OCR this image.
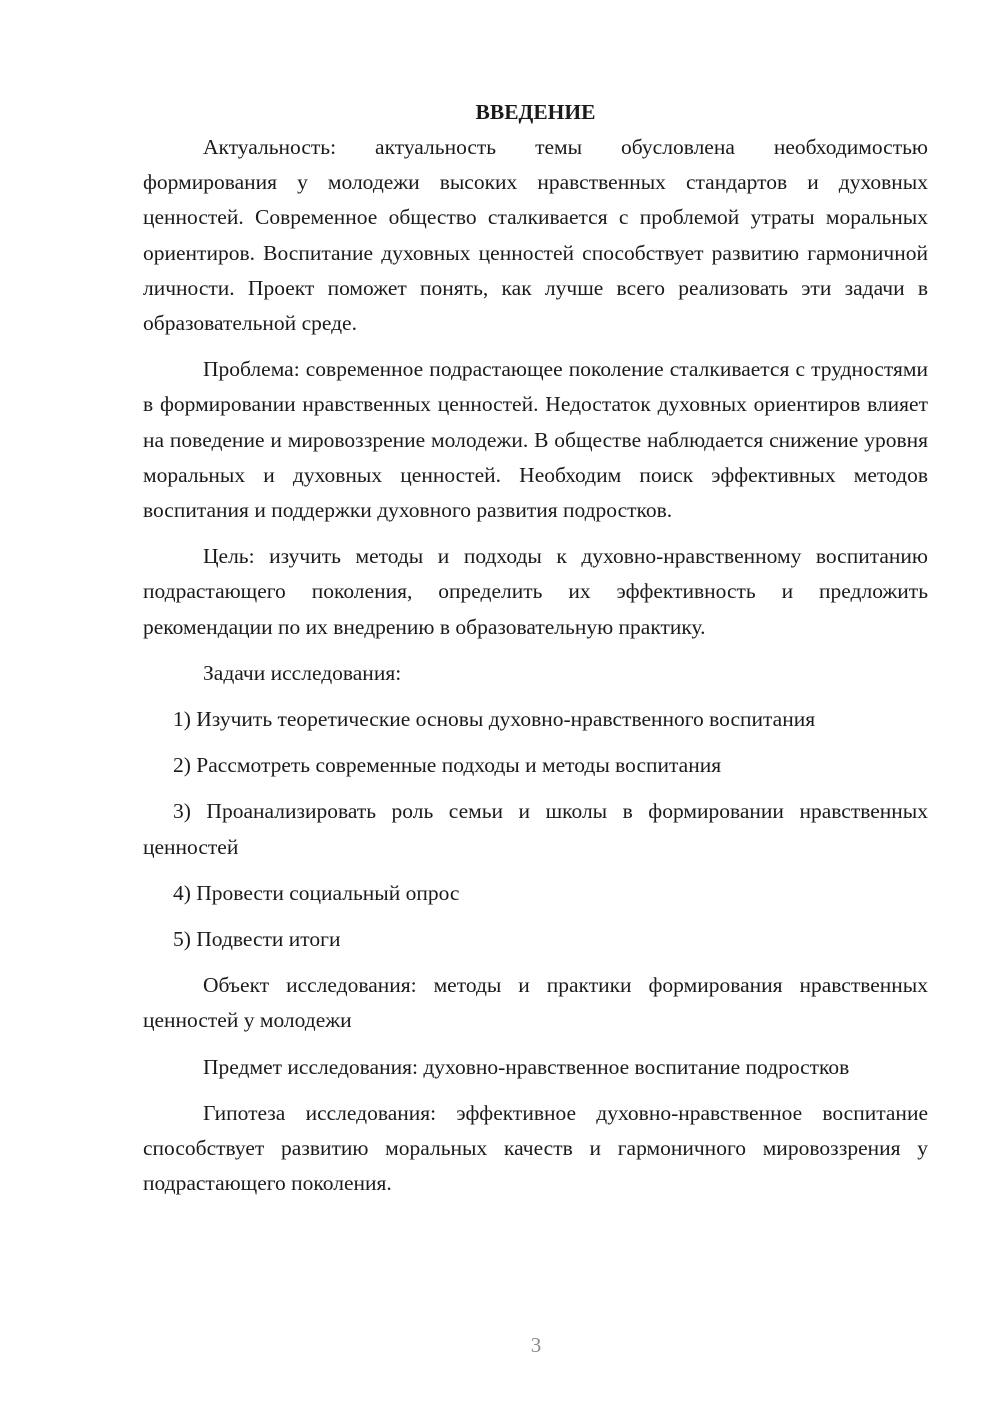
ВВЕДЕНИЕ

Актуальность: актуальность темы обусловлена необходимостью формирования у молодежи высоких нравственных стандартов и духовных ценностей. Современное общество сталкивается с проблемой утраты моральных ориентиров. Воспитание духовных ценностей способствует развитию гармоничной личности. Проект поможет понять, как лучше всего реализовать эти задачи в образовательной среде.

Проблема: современное подрастающее поколение сталкивается с трудностями в формировании нравственных ценностей. Недостаток духовных ориентиров влияет на поведение и мировоззрение молодежи. В обществе наблюдается снижение уровня моральных и духовных ценностей. Необходим поиск эффективных методов воспитания и поддержки духовного развития подростков.

Цель: изучить методы и подходы к духовно-нравственному воспитанию подрастающего поколения, определить их эффективность и предложить рекомендации по их внедрению в образовательную практику.

Задачи исследования:

1) Изучить теоретические основы духовно-нравственного воспитания

2) Рассмотреть современные подходы и методы воспитания

3) Проанализировать роль семьи и школы в формировании нравственных ценностей

4) Провести социальный опрос

5) Подвести итоги

Объект исследования: методы и практики формирования нравственных ценностей у молодежи

Предмет исследования: духовно-нравственное воспитание подростков

Гипотеза исследования: эффективное духовно-нравственное воспитание способствует развитию моральных качеств и гармоничного мировоззрения у подрастающего поколения.

3
